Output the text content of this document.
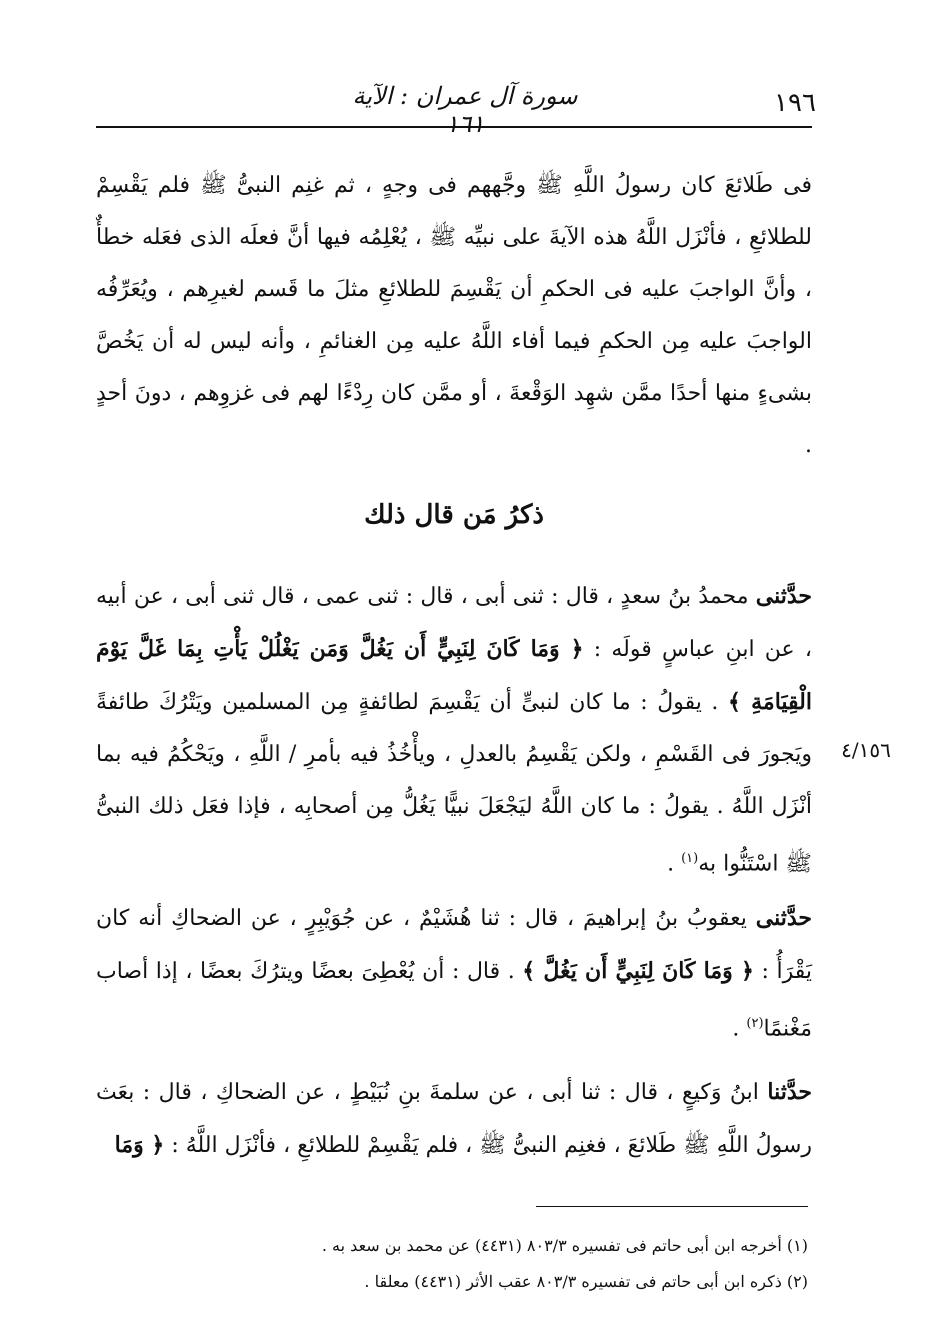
١٩٦
سورة آل عمران : الآية ١٦١

فى طَلائعَ كان رسولُ اللَّهِ ﷺ وجَّههم فى وجهٍ ، ثم غنِم النبىُّ ﷺ فلم يَقْسِمْ للطلائعِ ، فأنْزَل اللَّهُ هذه الآيةَ على نبيِّه ﷺ ، يُعْلِمُه فيها أنَّ فعلَه الذى فعَله خطأٌ ، وأنَّ الواجبَ عليه فى الحكمِ أن يَقْسِمَ للطلائعِ مثلَ ما قَسم لغيرِهم ، ويُعَرِّفُه الواجبَ عليه مِن الحكمِ فيما أفاء اللَّهُ عليه مِن الغنائمِ ، وأنه ليس له أن يَخُصَّ بشىءٍ منها أحدًا ممَّن شهِد الوَقْعةَ ، أو ممَّن كان رِدْءًا لهم فى غزوِهم ، دونَ أحدٍ .

ذكرُ مَن قال ذلك

حدَّثنى محمدُ بنُ سعدٍ ، قال : ثنى أبى ، قال : ثنى عمى ، قال ثنى أبى ، عن أبيه ، عن ابنِ عباسٍ قولَه : ﴿ وَمَا كَانَ لِنَبِيٍّ أَن يَغُلَّ وَمَن يَغْلُلْ يَأْتِ بِمَا غَلَّ يَوْمَ الْقِيَامَةِ ﴾ . يقولُ : ما كان لنبىٍّ أن يَقْسِمَ لطائفةٍ مِن المسلمين ويَتْرُكَ طائفةً ويَجورَ فى القَسْمِ ، ولكن يَقْسِمُ بالعدلِ ، ويأْخُذُ فيه بأمرِ / اللَّهِ ، ويَحْكُمُ فيه بما أنْزَل اللَّهُ . يقولُ : ما كان اللَّهُ ليَجْعَلَ نبيًّا يَغُلُّ مِن أصحابِه ، فإذا فعَل ذلك النبىُّ ﷺ اسْتَنُّوا به$^{(١)}$ .

٤/١٥٦

حدَّثنى يعقوبُ بنُ إبراهيمَ ، قال : ثنا هُشَيْمٌ ، عن جُوَيْبِرٍ ، عن الضحاكِ أنه كان يَقْرَأُ : ﴿ وَمَا كَانَ لِنَبِيٍّ أَن يَغُلَّ ﴾ . قال : أن يُعْطِىَ بعضًا ويترُكَ بعضًا ، إذا أصاب مَغْنمًا$^{(٢)}$ .

حدَّثنا ابنُ وَكيعٍ ، قال : ثنا أبى ، عن سلمةَ بنِ نُبَيْطٍ ، عن الضحاكِ ، قال : بعَث رسولُ اللَّهِ ﷺ طَلائعَ ، فغنِم النبىُّ ﷺ ، فلم يَقْسِمْ للطلائعِ ، فأنْزَل اللَّهُ : ﴿ وَمَا

(١) أخرجه ابن أبى حاتم فى تفسيره ٨٠٣/٣ (٤٤٣١) عن محمد بن سعد به .

(٢) ذكره ابن أبى حاتم فى تفسيره ٨٠٣/٣ عقب الأثر (٤٤٣١) معلقا .
